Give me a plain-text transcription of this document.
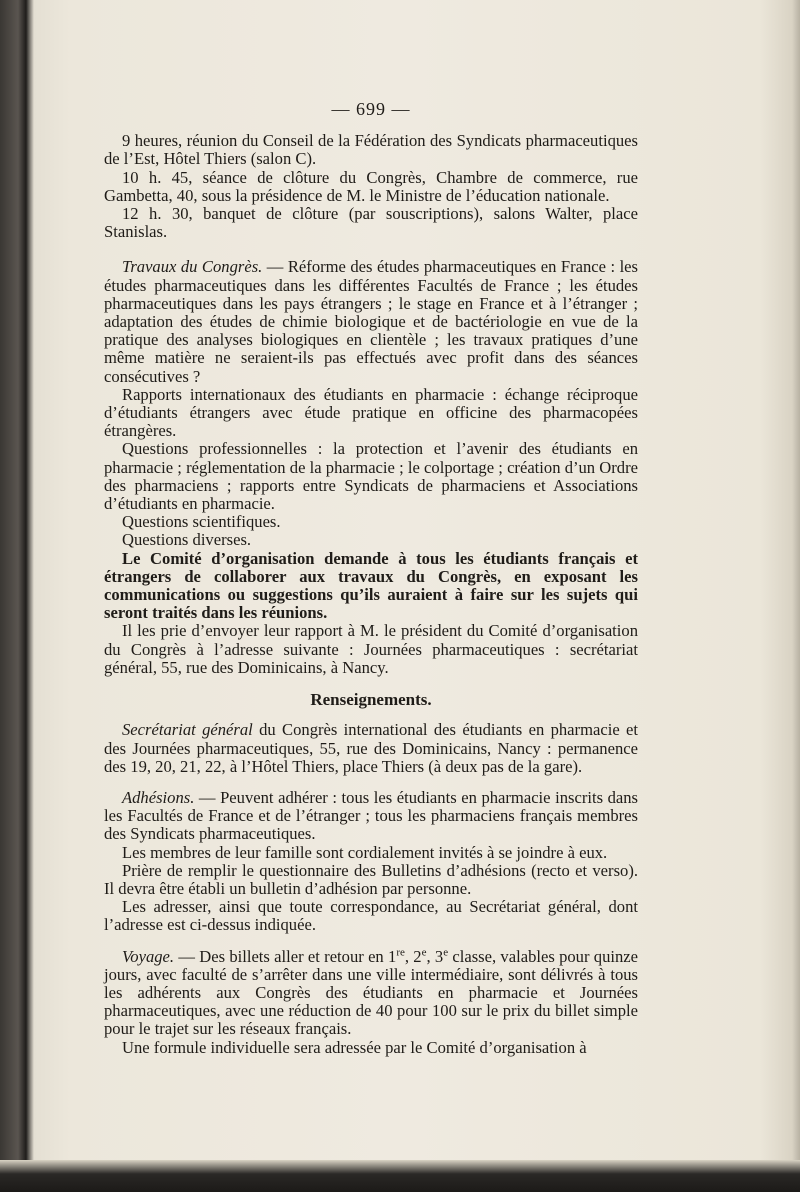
— 699 —

9 heures, réunion du Conseil de la Fédération des Syndicats pharmaceutiques de l’Est, Hôtel Thiers (salon C).

10 h. 45, séance de clôture du Congrès, Chambre de commerce, rue Gambetta, 40, sous la présidence de M. le Ministre de l’éducation nationale.

12 h. 30, banquet de clôture (par souscriptions), salons Walter, place Stanislas.

Travaux du Congrès. — Réforme des études pharmaceutiques en France : les études pharmaceutiques dans les différentes Facultés de France ; les études pharmaceutiques dans les pays étrangers ; le stage en France et à l’étranger ; adaptation des études de chimie biologique et de bactériologie en vue de la pratique des analyses biologiques en clientèle ; les travaux pratiques d’une même matière ne seraient-ils pas effectués avec profit dans des séances consécutives ?

Rapports internationaux des étudiants en pharmacie : échange réciproque d’étudiants étrangers avec étude pratique en officine des pharmacopées étrangères.

Questions professionnelles : la protection et l’avenir des étudiants en pharmacie ; réglementation de la pharmacie ; le colportage ; création d’un Ordre des pharmaciens ; rapports entre Syndicats de pharmaciens et Associations d’étudiants en pharmacie.

Questions scientifiques.

Questions diverses.

Le Comité d’organisation demande à tous les étudiants français et étrangers de collaborer aux travaux du Congrès, en exposant les communications ou suggestions qu’ils auraient à faire sur les sujets qui seront traités dans les réunions.

Il les prie d’envoyer leur rapport à M. le président du Comité d’organisation du Congrès à l’adresse suivante : Journées pharmaceutiques : secrétariat général, 55, rue des Dominicains, à Nancy.

Renseignements.

Secrétariat général du Congrès international des étudiants en pharmacie et des Journées pharmaceutiques, 55, rue des Dominicains, Nancy : permanence des 19, 20, 21, 22, à l’Hôtel Thiers, place Thiers (à deux pas de la gare).

Adhésions. — Peuvent adhérer : tous les étudiants en pharmacie inscrits dans les Facultés de France et de l’étranger ; tous les pharmaciens français membres des Syndicats pharmaceutiques.

Les membres de leur famille sont cordialement invités à se joindre à eux.

Prière de remplir le questionnaire des Bulletins d’adhésions (recto et verso). Il devra être établi un bulletin d’adhésion par personne.

Les adresser, ainsi que toute correspondance, au Secrétariat général, dont l’adresse est ci-dessus indiquée.

Voyage. — Des billets aller et retour en 1re, 2e, 3e classe, valables pour quinze jours, avec faculté de s’arrêter dans une ville intermédiaire, sont délivrés à tous les adhérents aux Congrès des étudiants en pharmacie et Journées pharmaceutiques, avec une réduction de 40 pour 100 sur le prix du billet simple pour le trajet sur les réseaux français.

Une formule individuelle sera adressée par le Comité d’organisation à
